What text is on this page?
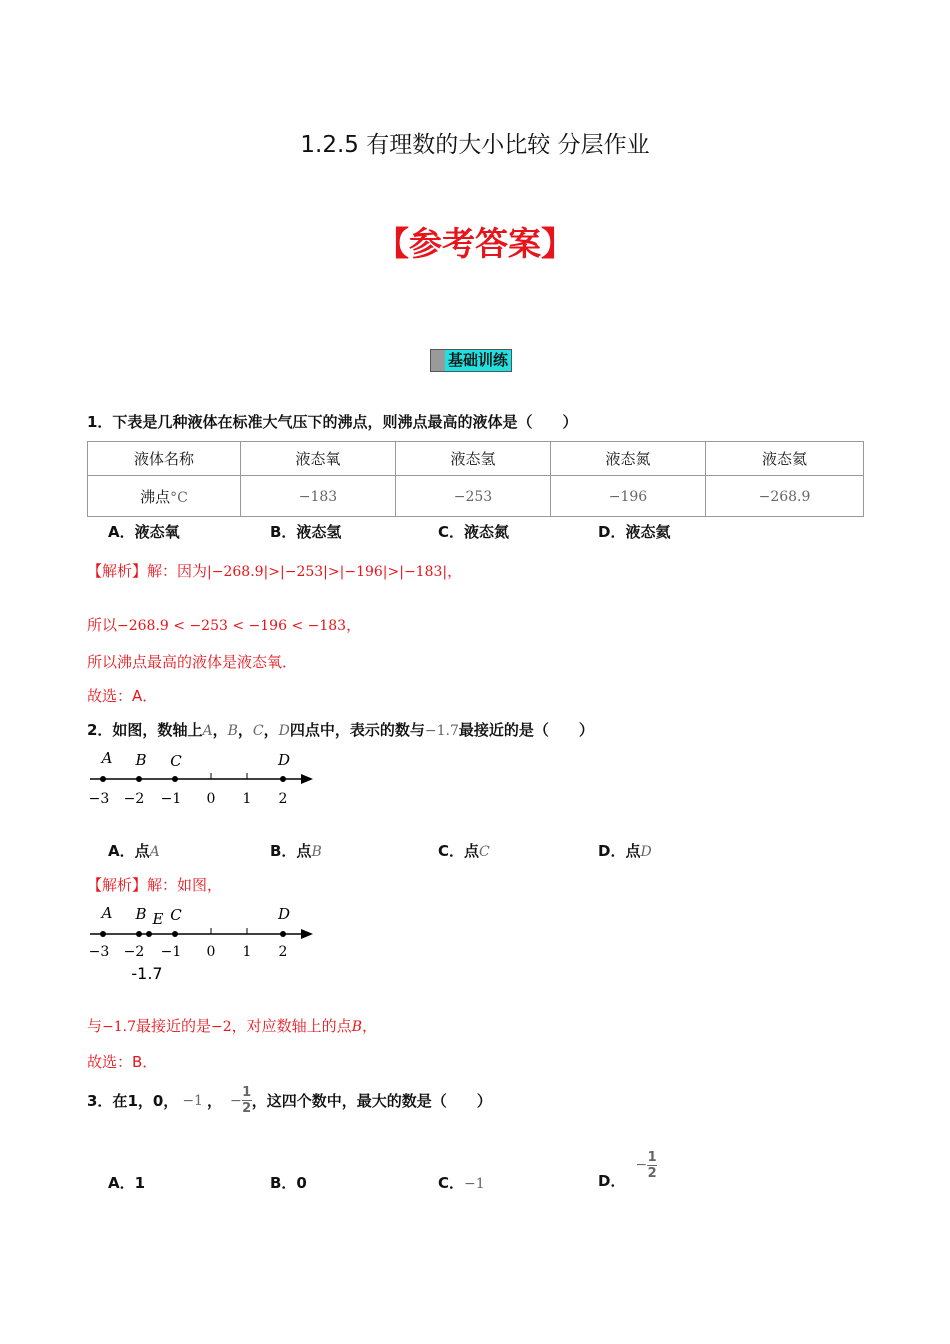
1.2.5 有理数的大小比较 分层作业
【参考答案】
基础训练
1．下表是几种液体在标准大气压下的沸点，则沸点最高的液体是（　　）
液体名称	液态氧	液态氢	液态氮	液态氦
沸点°C	−183	−253	−196	−268.9
A．液态氧	B．液态氢	C．液态氮	D．液态氦
【解析】解：因为|−268.9|>|−253|>|−196|>|−183|，
所以−268.9 < −253 < −196 < −183，
所以沸点最高的液体是液态氧．
故选：A．
2．如图，数轴上A，B，C，D四点中，表示的数与−1.7最接近的是（　　）
A B C	D
−3 −2 −1 0 1 2
A．点A	B．点B	C．点C	D．点D
【解析】解：如图，
A B E C	D
−3 −2 −1 0 1 2
-1.7
与−1.7最接近的是−2，对应数轴上的点B，
故选：B．
3．在 1，0， −1 ， − $\frac{1}{2}$ ，这四个数中，最大的数是（　　）
A．1	B．0	C．−1	D．
− $\frac{1}{2}$
